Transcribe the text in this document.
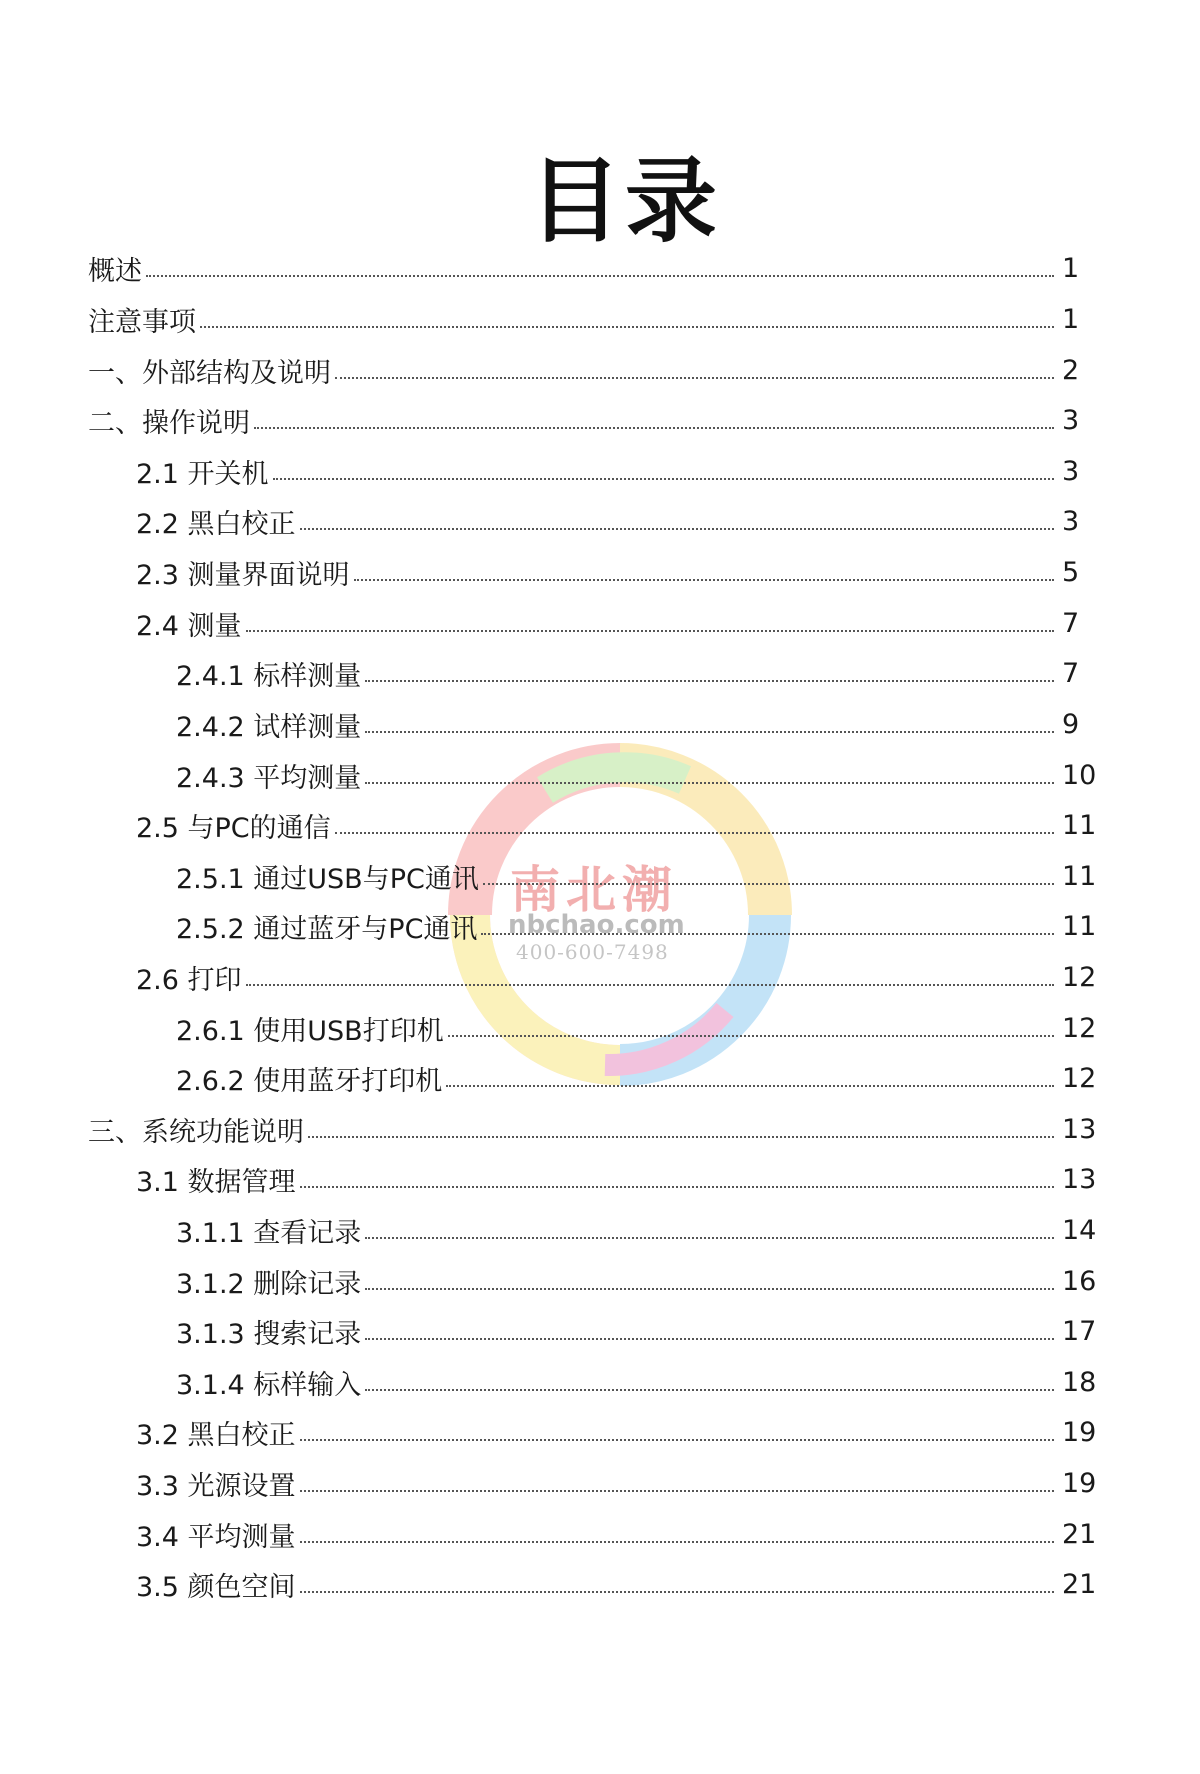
南北潮
nbchao.com
400-600-7498
目录
概述	1
注意事项	1
一、外部结构及说明	2
二、操作说明	3
2.1 开关机	3
2.2 黑白校正	3
2.3 测量界面说明	5
2.4 测量	7
2.4.1 标样测量	7
2.4.2 试样测量	9
2.4.3 平均测量	10
2.5 与PC的通信	11
2.5.1 通过USB与PC通讯	11
2.5.2 通过蓝牙与PC通讯	11
2.6 打印	12
2.6.1 使用USB打印机	12
2.6.2 使用蓝牙打印机	12
三、系统功能说明	13
3.1 数据管理	13
3.1.1 查看记录	14
3.1.2 删除记录	16
3.1.3 搜索记录	17
3.1.4 标样输入	18
3.2 黑白校正	19
3.3 光源设置	19
3.4 平均测量	21
3.5 颜色空间	21
